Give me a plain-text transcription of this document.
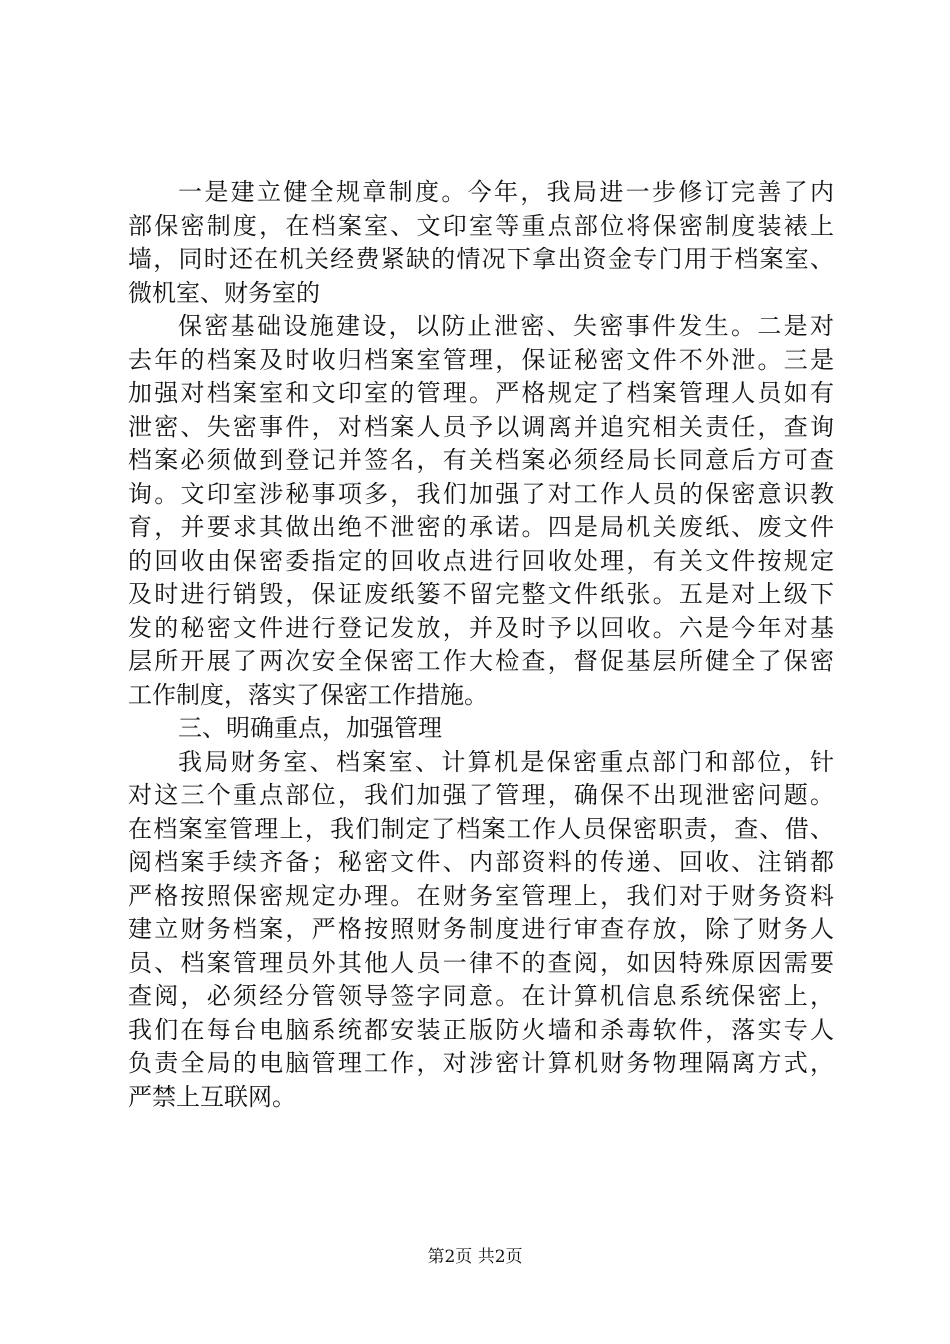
一是建立健全规章制度。今年，我局进一步修订完善了内
部保密制度，在档案室、文印室等重点部位将保密制度装裱上
墙，同时还在机关经费紧缺的情况下拿出资金专门用于档案室、
微机室、财务室的
保密基础设施建设，以防止泄密、失密事件发生。二是对
去年的档案及时收归档案室管理，保证秘密文件不外泄。三是
加强对档案室和文印室的管理。严格规定了档案管理人员如有
泄密、失密事件，对档案人员予以调离并追究相关责任，查询
档案必须做到登记并签名，有关档案必须经局长同意后方可查
询。文印室涉秘事项多，我们加强了对工作人员的保密意识教
育，并要求其做出绝不泄密的承诺。四是局机关废纸、废文件
的回收由保密委指定的回收点进行回收处理，有关文件按规定
及时进行销毁，保证废纸篓不留完整文件纸张。五是对上级下
发的秘密文件进行登记发放，并及时予以回收。六是今年对基
层所开展了两次安全保密工作大检查，督促基层所健全了保密
工作制度，落实了保密工作措施。
三、明确重点，加强管理
我局财务室、档案室、计算机是保密重点部门和部位，针
对这三个重点部位，我们加强了管理，确保不出现泄密问题。
在档案室管理上，我们制定了档案工作人员保密职责，查、借、
阅档案手续齐备；秘密文件、内部资料的传递、回收、注销都
严格按照保密规定办理。在财务室管理上，我们对于财务资料
建立财务档案，严格按照财务制度进行审查存放，除了财务人
员、档案管理员外其他人员一律不的查阅，如因特殊原因需要
查阅，必须经分管领导签字同意。在计算机信息系统保密上，
我们在每台电脑系统都安装正版防火墙和杀毒软件，落实专人
负责全局的电脑管理工作，对涉密计算机财务物理隔离方式，
严禁上互联网。
第2页 共2页
